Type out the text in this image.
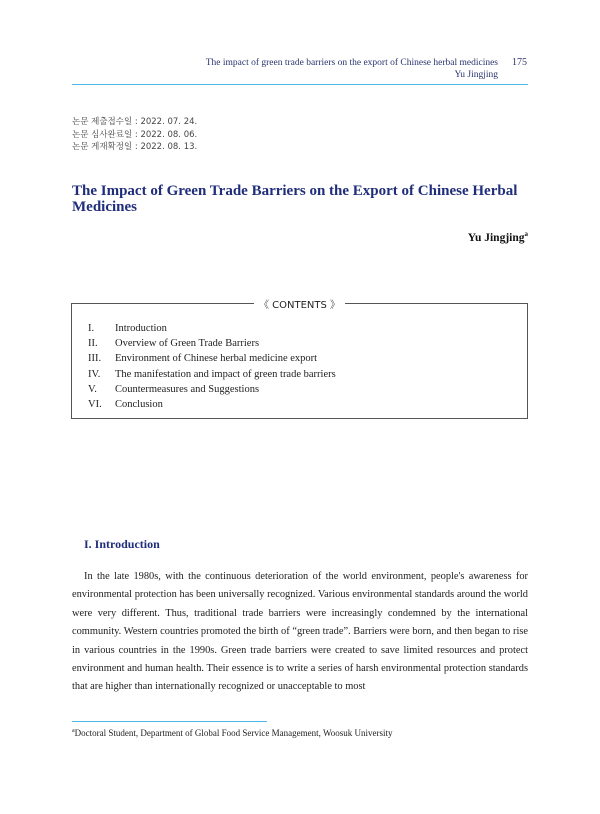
The impact of green trade barriers on the export of Chinese herbal medicines
Yu Jingjing
175
논문 제출접수일 : 2022. 07. 24.
논문 심사완료일 : 2022. 08. 06.
논문 게재확정일 : 2022. 08. 13.
The Impact of Green Trade Barriers on the Export of Chinese Herbal Medicines
Yu Jingjing$^a$
《 CONTENTS 》
I.	Introduction
II.	Overview of Green Trade Barriers
III.	Environment of Chinese herbal medicine export
IV.	The manifestation and impact of green trade barriers
V.	Countermeasures and Suggestions
VI.	Conclusion
I. Introduction

In the late 1980s, with the continuous deterioration of the world environment, people's awareness for environmental protection has been universally recognized. Various environmental standards around the world were very different. Thus, traditional trade barriers were increasingly condemned by the international community. Western countries promoted the birth of “green trade”. Barriers were born, and then began to rise in various countries in the 1990s. Green trade barriers were created to save limited resources and protect environment and human health. Their essence is to write a series of harsh environmental protection standards that are higher than internationally recognized or unacceptable to most

$^a$Doctoral Student, Department of Global Food Service Management, Woosuk University
